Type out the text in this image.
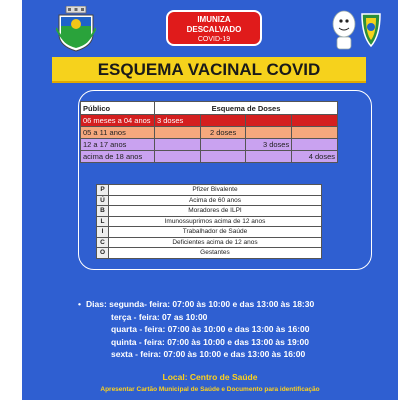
IMUNIZA
DESCALVADO
COVID-19
ESQUEMA VACINAL COVID
Público	Esquema de Doses			
06 meses a 04 anos	3 doses			
05 a 11 anos		2 doses		
12 a 17 anos			3 doses	
acima de 18 anos				4 doses
P	Pfizer Bivalente
Ú	Acima de 60 anos
B	Moradores de ILPI
L	Imunossuprimos acima de 12 anos
I	Trabalhador de Saúde
C	Deficientes acima de 12 anos
O	Gestantes
• Dias: segunda- feira: 07:00 às 10:00 e das 13:00 às 18:30
terça - feira: 07 as 10:00
quarta - feira: 07:00 às 10:00 e das 13:00 às 16:00
quinta - feira: 07:00 às 10:00 e das 13:00 às 19:00
sexta - feira: 07:00 às 10:00 e das 13:00 às 16:00
Local: Centro de Saúde
Apresentar Cartão Municipal de Saúde e Documento para identificação
